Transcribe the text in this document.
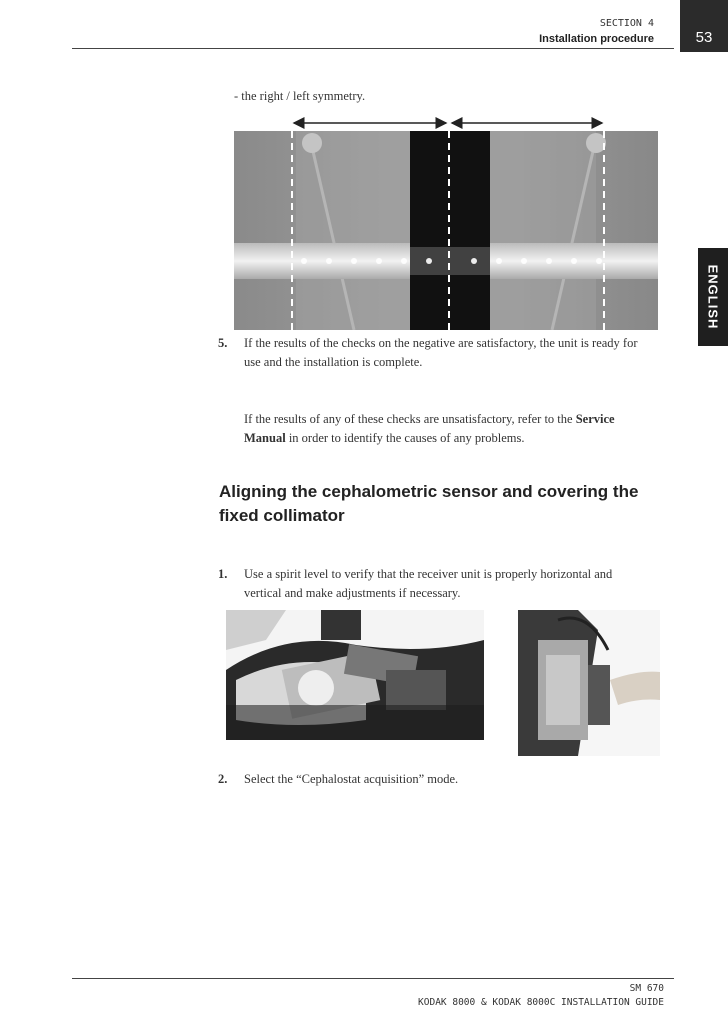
SECTION 4
Installation procedure	53
ENGLISH
- the right / left symmetry.
5. If the results of the checks on the negative are satisfactory, the unit is ready for
use and the installation is complete.
If the results of any of these checks are unsatisfactory, refer to the Service
Manual in order to identify the causes of any problems.
Aligning the cephalometric sensor and covering the
fixed collimator
1. Use a spirit level to verify that the receiver unit is properly horizontal and
vertical and make adjustments if necessary.
2. Select the “Cephalostat acquisition” mode.
SM 670
KODAK 8000 & KODAK 8000C INSTALLATION GUIDE
